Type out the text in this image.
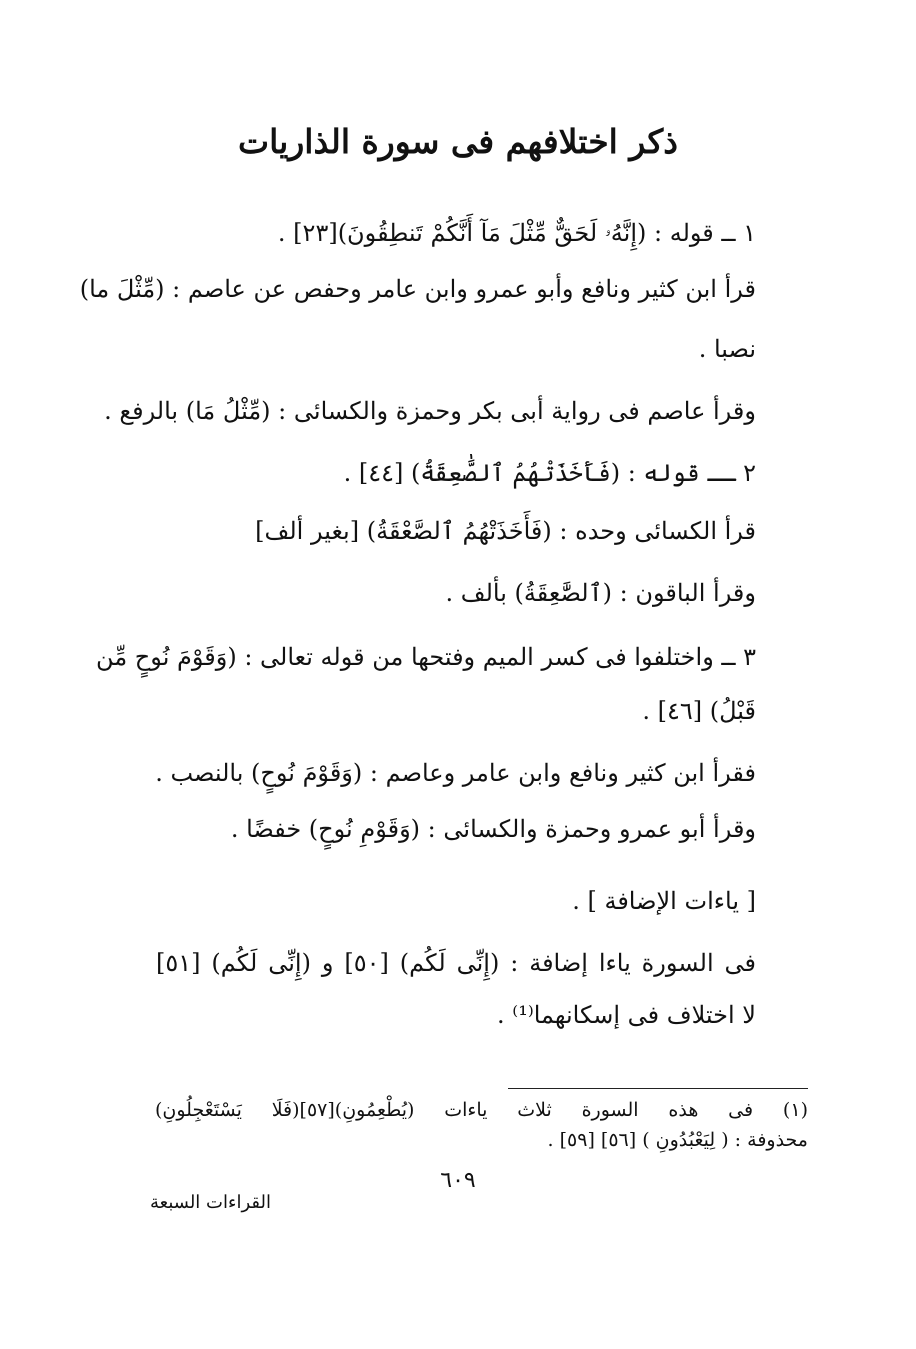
ذكر اختلافهم فى سورة الذاريات
١ ــ قوله : (إِنَّهُۥ لَحَقٌّ مِّثْلَ مَآ أَنَّكُمْ تَنطِقُونَ)[٢٣] .
قرأ ابن كثير ونافع وأبو عمرو وابن عامر وحفص عن عاصم : (مِّثْلَ ما)
نصبا .
وقرأ عاصم فى رواية أبى بكر وحمزة والكسائى : (مِّثْلُ مَا) بالرفع .
٢ ــ قوله : (فَأَخَذَتْهُمُ ٱلصَّٰعِقَةُ) [٤٤] .
قرأ الكسائى وحده : (فَأَخَذَتْهُمُ ٱلصَّعْقَةُ) [بغير ألف]
وقرأ الباقون : (ٱلصَّٰعِقَةُ) بألف .
٣ ــ واختلفوا فى كسر الميم وفتحها من قوله تعالى : (وَقَوْمَ نُوحٍ مِّن
قَبْلُ) [٤٦] .
فقرأ ابن كثير ونافع وابن عامر وعاصم : (وَقَوْمَ نُوحٍ) بالنصب .
وقرأ أبو عمرو وحمزة والكسائى : (وَقَوْمِ نُوحٍ) خفضًا .
[ ياءات الإضافة ] .
فى السورة ياءا إضافة : (إِنِّى لَكُم) [٥٠] و (إِنِّى لَكُم) [٥١]
لا اختلاف فى إسكانهما⁽¹⁾ .
(١) فى هذه السورة ثلاث ياءات (يُطْعِمُونِ)[٥٧](فَلَا يَسْتَعْجِلُونِ)
محذوفة : ( لِيَعْبُدُونِ ) [٥٦] [٥٩] .
٦٠٩
القراءات السبعة
